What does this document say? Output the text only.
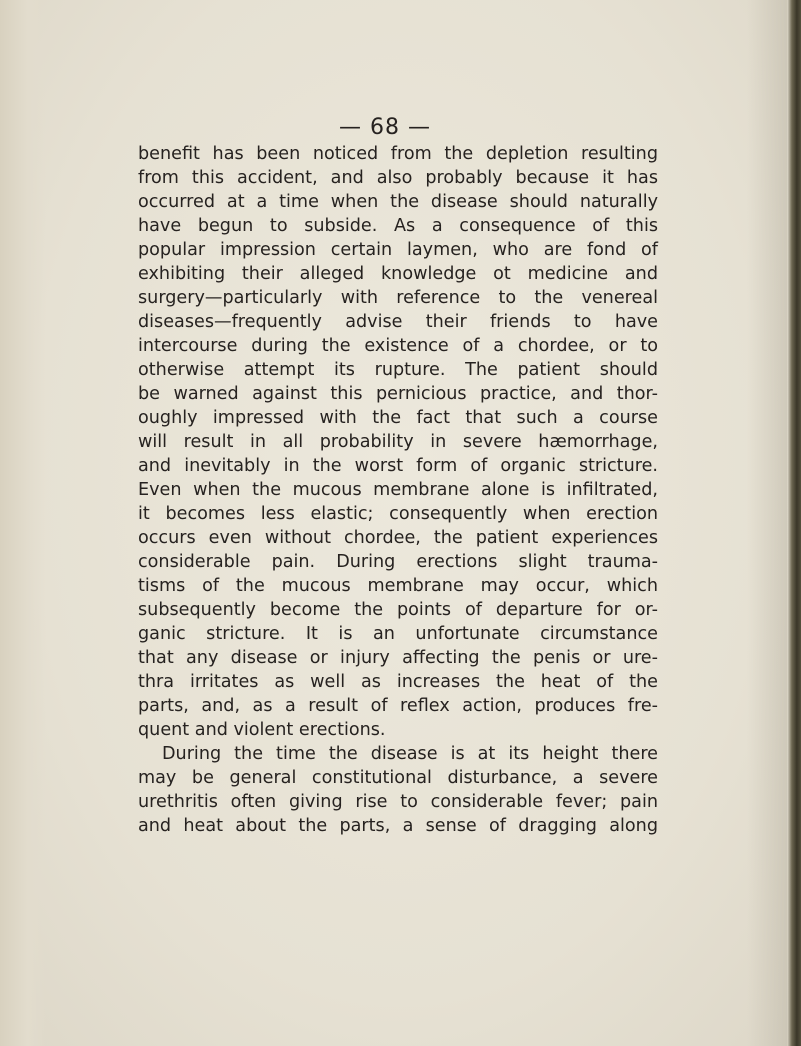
— 68 —
benefit has been noticed from the depletion resulting
from this accident, and also probably because it has
occurred at a time when the disease should naturally
have begun to subside. As a consequence of this
popular impression certain laymen, who are fond of
exhibiting their alleged knowledge ot medicine and
surgery—particularly with reference to the venereal
diseases—frequently advise their friends to have
intercourse during the existence of a chordee, or to
otherwise attempt its rupture. The patient should
be warned against this pernicious practice, and thor-
oughly impressed with the fact that such a course
will result in all probability in severe hæmorrhage,
and inevitably in the worst form of organic stricture.
Even when the mucous membrane alone is infiltrated,
it becomes less elastic; consequently when erection
occurs even without chordee, the patient experiences
considerable pain. During erections slight trauma-
tisms of the mucous membrane may occur, which
subsequently become the points of departure for or-
ganic stricture. It is an unfortunate circumstance
that any disease or injury affecting the penis or ure-
thra irritates as well as increases the heat of the
parts, and, as a result of reflex action, produces fre-
quent and violent erections.
During the time the disease is at its height there
may be general constitutional disturbance, a severe
urethritis often giving rise to considerable fever; pain
and heat about the parts, a sense of dragging along
